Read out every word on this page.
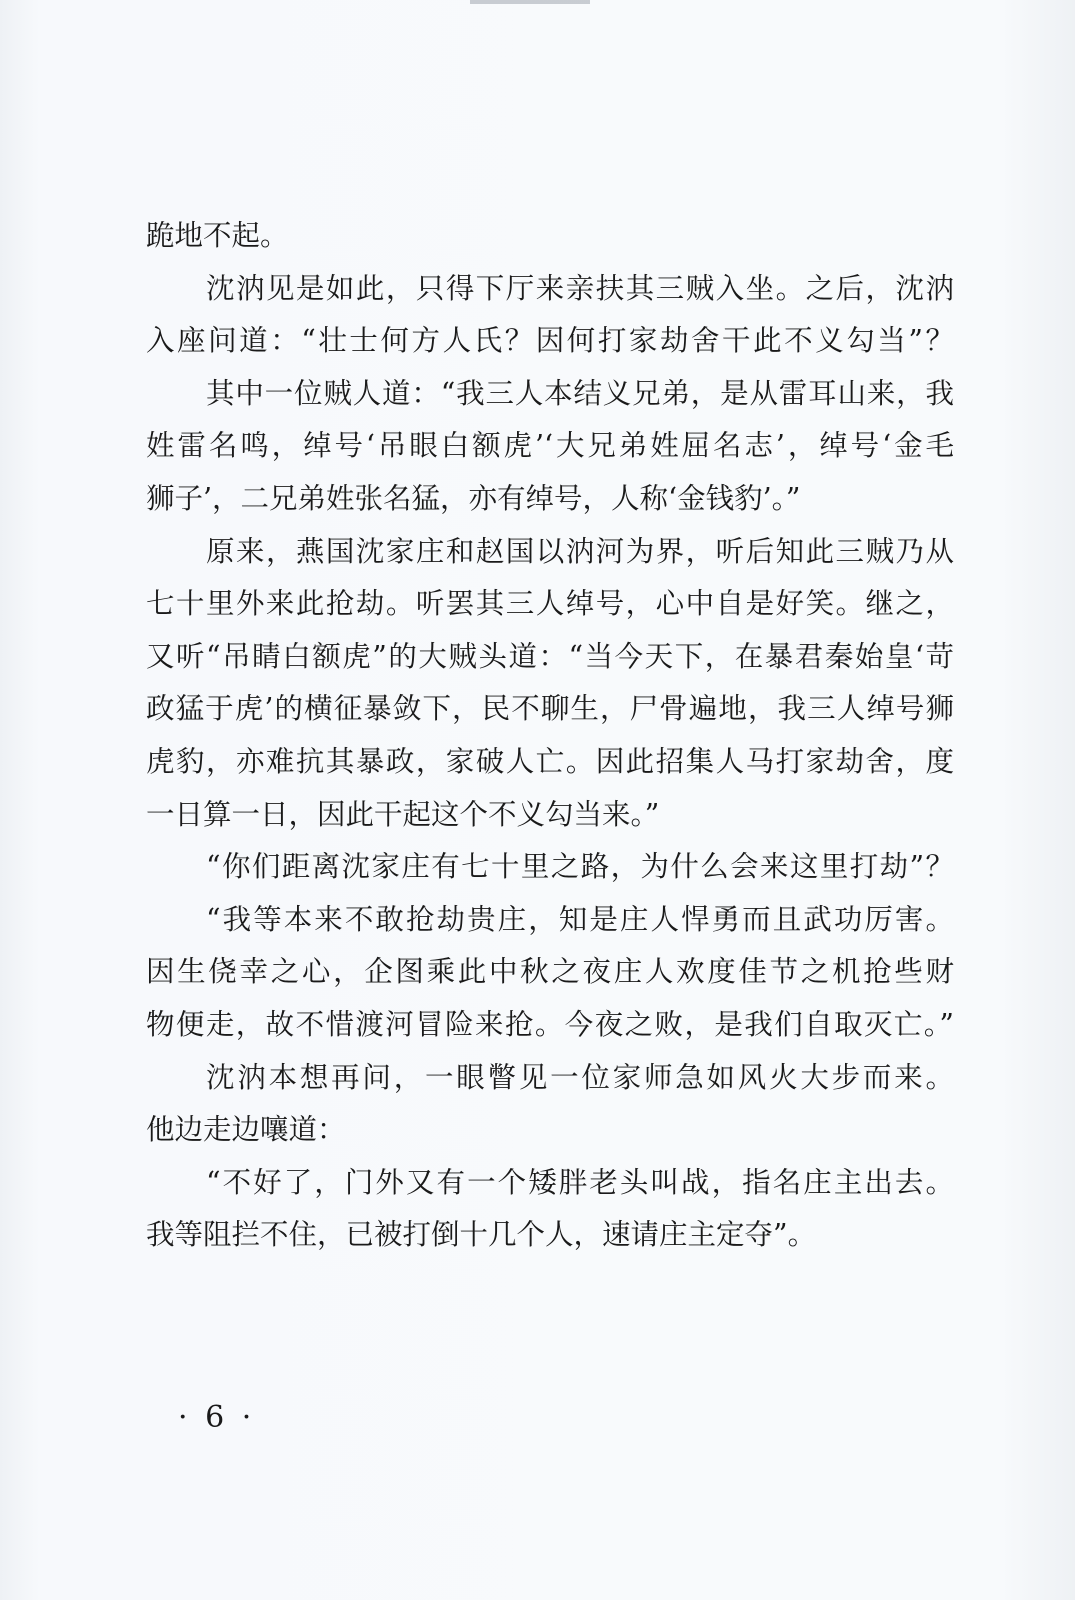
跪地不起。
沈汭见是如此，只得下厅来亲扶其三贼入坐。之后，沈汭
入座问道：“壮士何方人氏？因何打家劫舍干此不义勾当”？
其中一位贼人道：“我三人本结义兄弟，是从雷耳山来，我
姓雷名鸣，绰号‘吊眼白额虎’‘大兄弟姓屈名志’，绰号‘金毛
狮子’，二兄弟姓张名猛，亦有绰号，人称‘金钱豹’。”
原来，燕国沈家庄和赵国以汭河为界，听后知此三贼乃从
七十里外来此抢劫。听罢其三人绰号，心中自是好笑。继之，
又听“吊睛白额虎”的大贼头道：“当今天下，在暴君秦始皇‘苛
政猛于虎’的横征暴敛下，民不聊生，尸骨遍地，我三人绰号狮
虎豹，亦难抗其暴政，家破人亡。因此招集人马打家劫舍，度
一日算一日，因此干起这个不义勾当来。”
“你们距离沈家庄有七十里之路，为什么会来这里打劫”？
“我等本来不敢抢劫贵庄，知是庄人悍勇而且武功厉害。
因生侥幸之心，企图乘此中秋之夜庄人欢度佳节之机抢些财
物便走，故不惜渡河冒险来抢。今夜之败，是我们自取灭亡。”
沈汭本想再问，一眼瞥见一位家师急如风火大步而来。
他边走边嚷道：
“不好了，门外又有一个矮胖老头叫战，指名庄主出去。
我等阻拦不住，已被打倒十几个人，速请庄主定夺”。
· 6 ·
